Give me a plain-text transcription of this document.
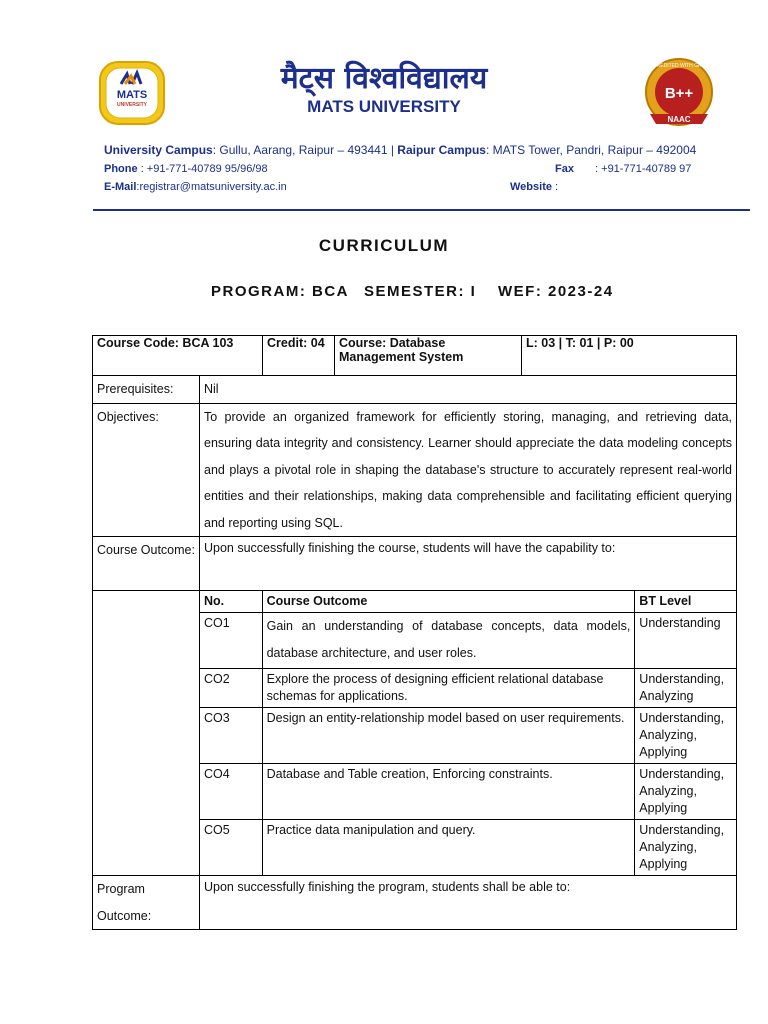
MATS
UNIVERSITY
ACCREDITED WITH GRADE
B++
NAAC
मैट्स विश्वविद्यालय
MATS UNIVERSITY
University Campus: Gullu, Aarang, Raipur – 493441 | Raipur Campus: MATS Tower, Pandri, Raipur – 492004
Phone : +91-771-40789 95/96/98	Fax : +91-771-40789 97
E-Mail:registrar@matsuniversity.ac.in	Website :
CURRICULUM
PROGRAM: BCA SEMESTER: I WEF: 2023-24
Course Code: BCA 103	Credit: 04	Course: Database Management System	L: 03 | T: 01 | P: 00
Prerequisites:	Nil
Objectives:	To provide an organized framework for efficiently storing, managing, and retrieving data, ensuring data integrity and consistency. Learner should appreciate the data modeling concepts and plays a pivotal role in shaping the database's structure to accurately represent real-world entities and their relationships, making data comprehensible and facilitating efficient querying and reporting using SQL.
Course Outcome:	Upon successfully finishing the course, students will have the capability to:

No.	Course Outcome	BT Level
CO1	Gain an understanding of database concepts, data models, database architecture, and user roles.	Understanding
CO2	Explore the process of designing efficient relational database schemas for applications.	Understanding, Analyzing
CO3	Design an entity-relationship model based on user requirements.	Understanding, Analyzing, Applying
CO4	Database and Table creation, Enforcing constraints.	Understanding, Analyzing, Applying
CO5	Practice data manipulation and query.	Understanding, Analyzing, Applying

Program Outcome:	Upon successfully finishing the program, students shall be able to:
